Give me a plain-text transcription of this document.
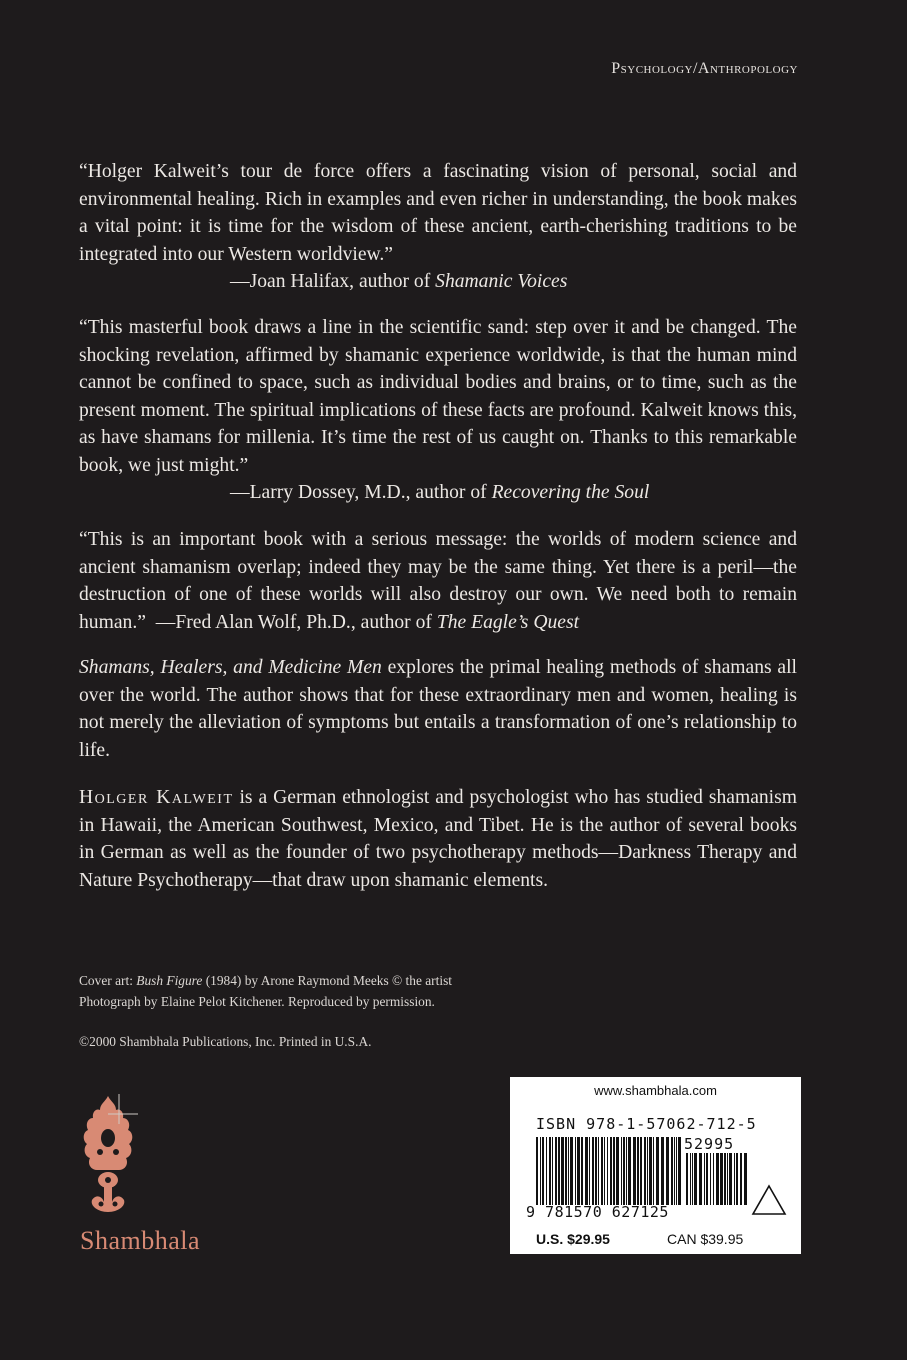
Psychology/Anthropology

“Holger Kalweit’s tour de force offers a fascinating vision of personal, social and environmental healing. Rich in examples and even richer in understanding, the book makes a vital point: it is time for the wisdom of these ancient, earth-cherishing traditions to be integrated into our Western worldview.”

—Joan Halifax, author of Shamanic Voices

“This masterful book draws a line in the scientific sand: step over it and be changed. The shocking revelation, affirmed by shamanic experience worldwide, is that the human mind cannot be confined to space, such as individual bodies and brains, or to time, such as the present moment. The spiritual implications of these facts are profound. Kalweit knows this, as have shamans for millenia. It’s time the rest of us caught on. Thanks to this remarkable book, we just might.”

—Larry Dossey, M.D., author of Recovering the Soul

“This is an important book with a serious message: the worlds of modern science and ancient shamanism overlap; indeed they may be the same thing. Yet there is a peril—the destruction of one of these worlds will also destroy our own. We need both to remain human.” —Fred Alan Wolf, Ph.D., author of The Eagle’s Quest

Shamans, Healers, and Medicine Men explores the primal healing methods of shamans all over the world. The author shows that for these extraordinary men and women, healing is not merely the alleviation of symptoms but entails a transformation of one’s relationship to life.

Holger Kalweit is a German ethnologist and psychologist who has studied shamanism in Hawaii, the American Southwest, Mexico, and Tibet. He is the author of several books in German as well as the founder of two psychotherapy methods—Darkness Therapy and Nature Psychotherapy—that draw upon shamanic elements.

Cover art: Bush Figure (1984) by Arone Raymond Meeks © the artist
Photograph by Elaine Pelot Kitchener. Reproduced by permission.
©2000 Shambhala Publications, Inc. Printed in U.S.A.
Shambhala
www.shambhala.com
ISBN 978-1-57062-712-5
52995
9 781570 627125
U.S. $29.95	CAN $39.95
